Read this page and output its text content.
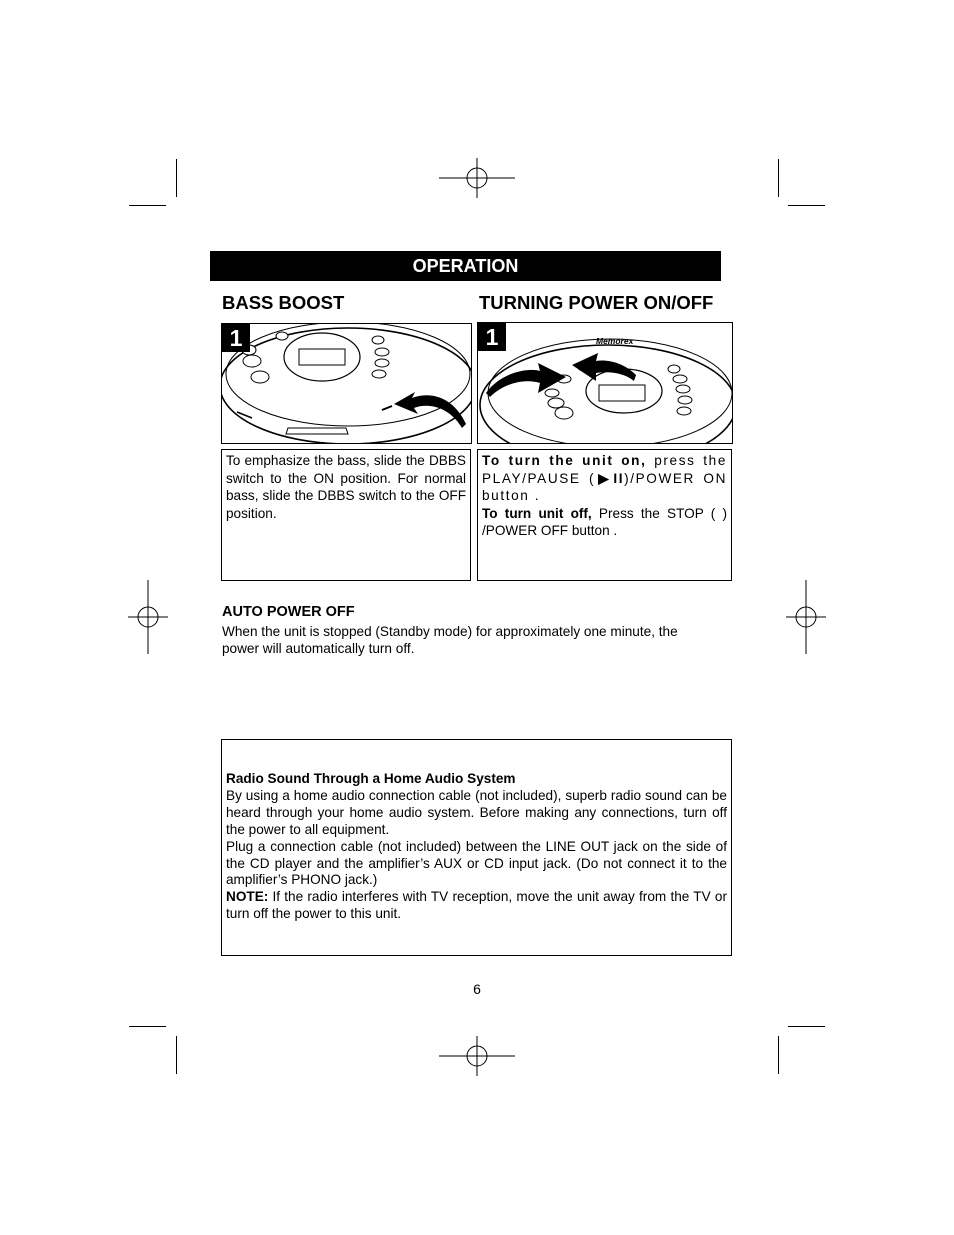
OPERATION
BASS BOOST	TURNING POWER ON/OFF
1	Memorex
1
To emphasize the bass, slide the DBBS switch to the ON position. For normal bass, slide the DBBS switch to the OFF position.
To turn the unit on, press the PLAY/PAUSE (▶II)/POWER ON button .
To turn unit off, Press the STOP ( ) /POWER OFF button .
AUTO POWER OFF
When the unit is stopped (Standby mode) for approximately one minute, the power will automatically turn off.
Radio Sound Through a Home Audio System
By using a home audio connection cable (not included), superb radio sound can be heard through your home audio system. Before making any connections, turn off the power to all equipment.
Plug a connection cable (not included) between the LINE OUT jack on the side of the CD player and the amplifier’s AUX or CD input jack. (Do not connect it to the amplifier’s PHONO jack.)
NOTE: If the radio interferes with TV reception, move the unit away from the TV or turn off the power to this unit.
6
